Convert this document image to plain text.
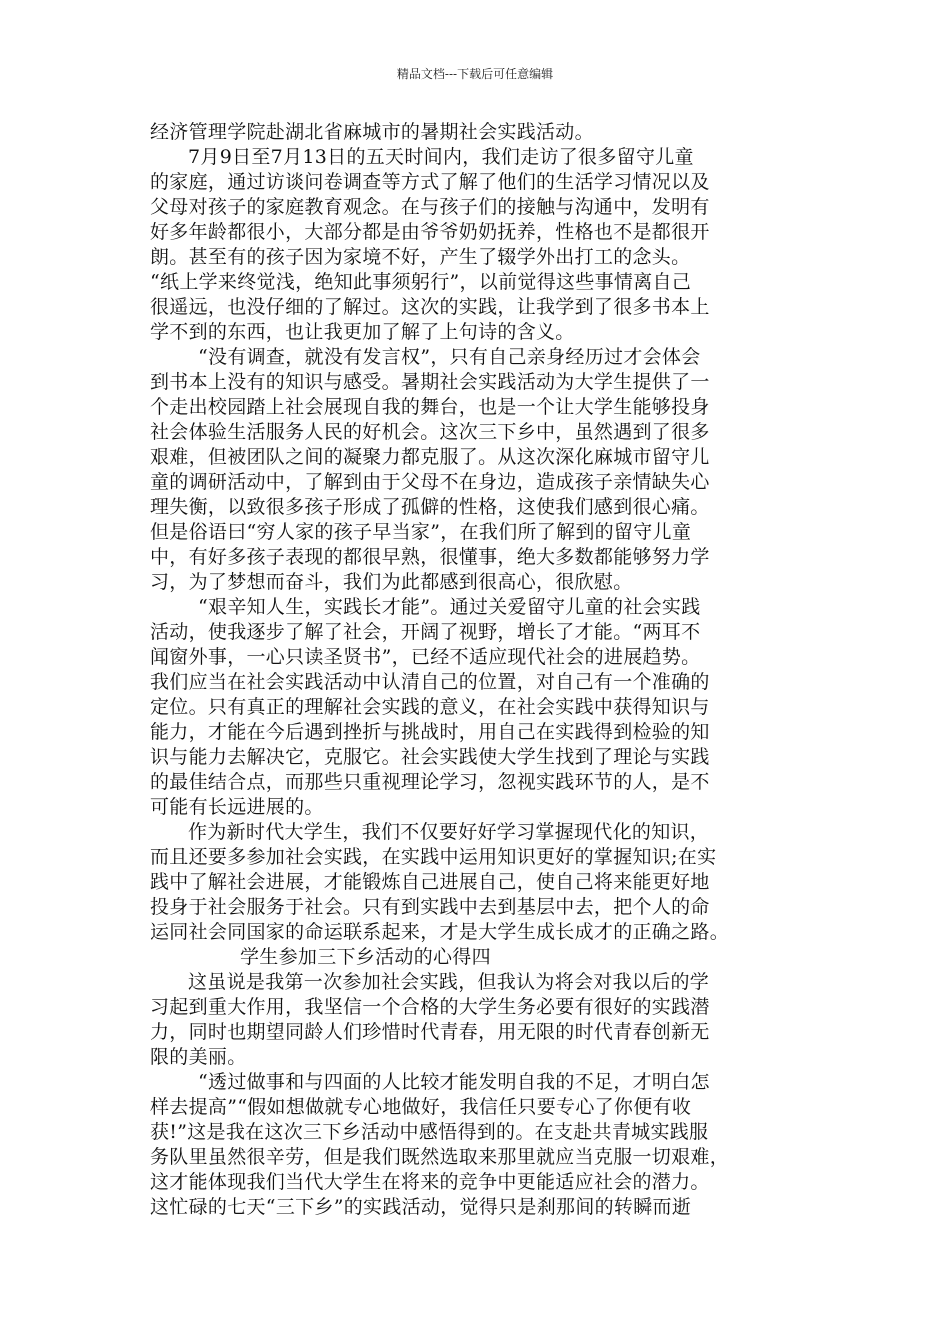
精品文档---下载后可任意编辑
经济管理学院赴湖北省麻城市的暑期社会实践活动。
7月9日至7月13日的五天时间内，我们走访了很多留守儿童
的家庭，通过访谈问卷调查等方式了解了他们的生活学习情况以及
父母对孩子的家庭教育观念。在与孩子们的接触与沟通中，发明有
好多年龄都很小，大部分都是由爷爷奶奶抚养，性格也不是都很开
朗。甚至有的孩子因为家境不好，产生了辍学外出打工的念头。
“纸上学来终觉浅，绝知此事须躬行”，以前觉得这些事情离自己
很遥远，也没仔细的了解过。这次的实践，让我学到了很多书本上
学不到的东西，也让我更加了解了上句诗的含义。
“没有调查，就没有发言权”，只有自己亲身经历过才会体会
到书本上没有的知识与感受。暑期社会实践活动为大学生提供了一
个走出校园踏上社会展现自我的舞台，也是一个让大学生能够投身
社会体验生活服务人民的好机会。这次三下乡中，虽然遇到了很多
艰难，但被团队之间的凝聚力都克服了。从这次深化麻城市留守儿
童的调研活动中，了解到由于父母不在身边，造成孩子亲情缺失心
理失衡，以致很多孩子形成了孤僻的性格，这使我们感到很心痛。
但是俗语曰“穷人家的孩子早当家”，在我们所了解到的留守儿童
中，有好多孩子表现的都很早熟，很懂事，绝大多数都能够努力学
习，为了梦想而奋斗，我们为此都感到很高心，很欣慰。
“艰辛知人生，实践长才能”。通过关爱留守儿童的社会实践
活动，使我逐步了解了社会，开阔了视野，增长了才能。“两耳不
闻窗外事，一心只读圣贤书”，已经不适应现代社会的进展趋势。
我们应当在社会实践活动中认清自己的位置，对自己有一个准确的
定位。只有真正的理解社会实践的意义，在社会实践中获得知识与
能力，才能在今后遇到挫折与挑战时，用自己在实践得到检验的知
识与能力去解决它，克服它。社会实践使大学生找到了理论与实践
的最佳结合点，而那些只重视理论学习，忽视实践环节的人，是不
可能有长远进展的。
作为新时代大学生，我们不仅要好好学习掌握现代化的知识，
而且还要多参加社会实践，在实践中运用知识更好的掌握知识;在实
践中了解社会进展，才能锻炼自己进展自己，使自己将来能更好地
投身于社会服务于社会。只有到实践中去到基层中去，把个人的命
运同社会同国家的命运联系起来，才是大学生成长成才的正确之路。
学生参加三下乡活动的心得四
这虽说是我第一次参加社会实践，但我认为将会对我以后的学
习起到重大作用，我坚信一个合格的大学生务必要有很好的实践潜
力，同时也期望同龄人们珍惜时代青春，用无限的时代青春创新无
限的美丽。
“透过做事和与四面的人比较才能发明自我的不足，才明白怎
样去提高”“假如想做就专心地做好，我信任只要专心了你便有收
获!”这是我在这次三下乡活动中感悟得到的。在支赴共青城实践服
务队里虽然很辛劳，但是我们既然选取来那里就应当克服一切艰难，
这才能体现我们当代大学生在将来的竞争中更能适应社会的潜力。
这忙碌的七天“三下乡”的实践活动，觉得只是刹那间的转瞬而逝
